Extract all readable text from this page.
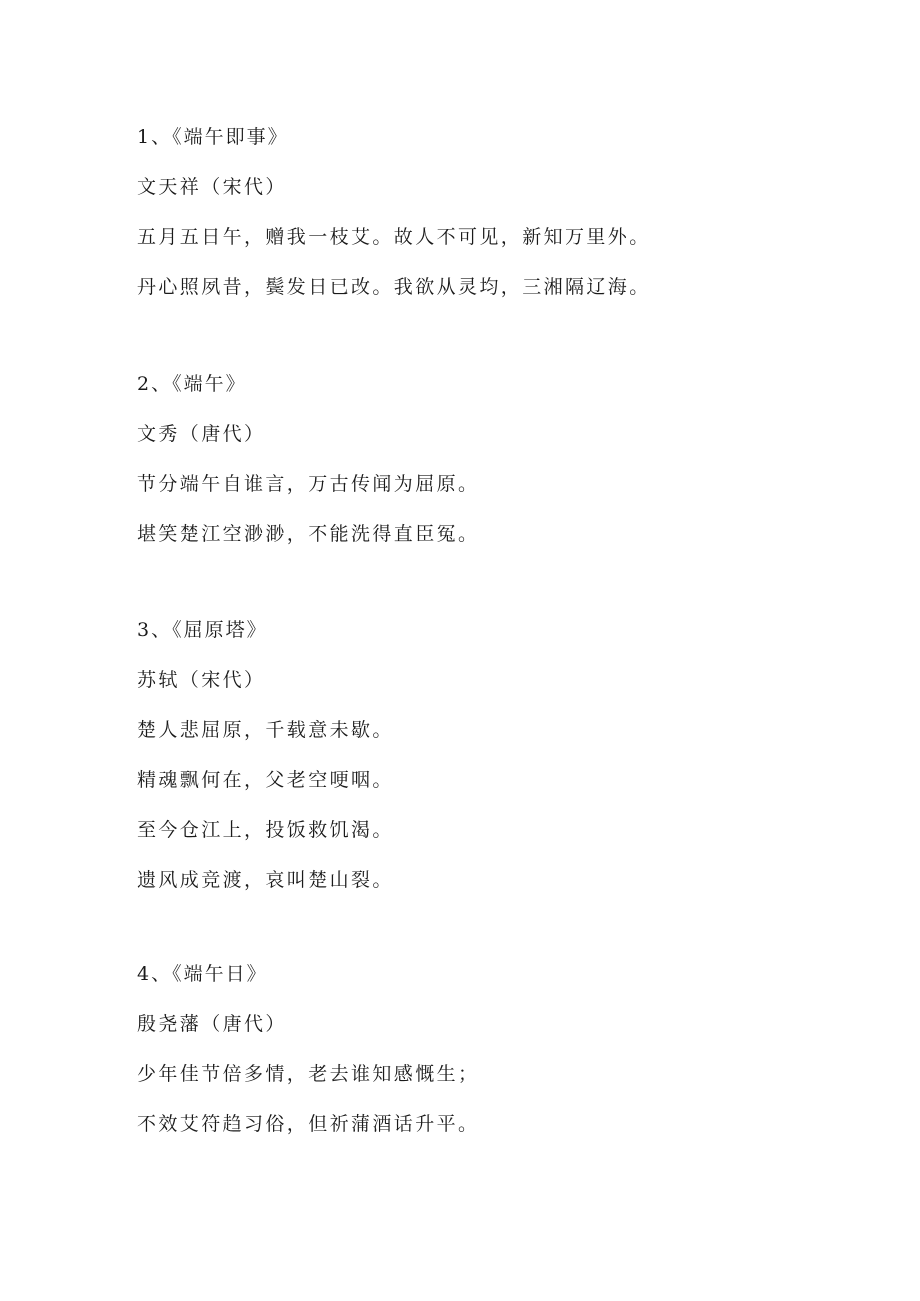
1、《端午即事》

文天祥（宋代）

五月五日午，赠我一枝艾。故人不可见，新知万里外。

丹心照夙昔，鬓发日已改。我欲从灵均，三湘隔辽海。

2、《端午》

文秀（唐代）

节分端午自谁言，万古传闻为屈原。

堪笑楚江空渺渺，不能洗得直臣冤。

3、《屈原塔》

苏轼（宋代）

楚人悲屈原，千载意未歇。

精魂飘何在，父老空哽咽。

至今仓江上，投饭救饥渴。

遗风成竞渡，哀叫楚山裂。

4、《端午日》

殷尧藩（唐代）

少年佳节倍多情，老去谁知感慨生；

不效艾符趋习俗，但祈蒲酒话升平。
